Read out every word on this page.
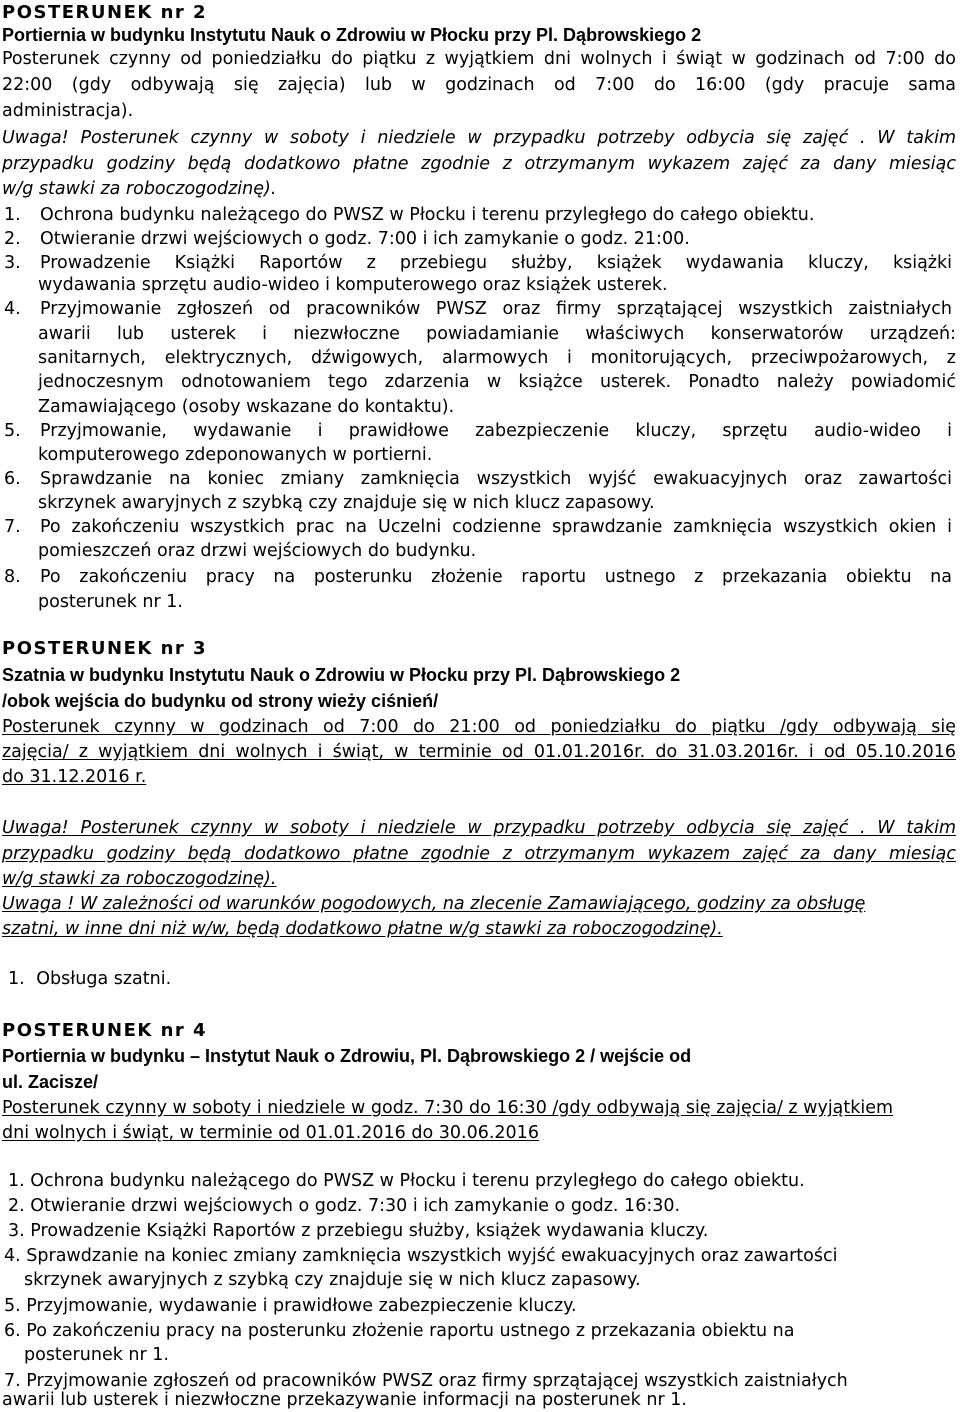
POSTERUNEK nr 2
Portiernia w budynku Instytutu Nauk o Zdrowiu w Płocku przy Pl. Dąbrowskiego 2
Posterunek czynny od poniedziałku do piątku z wyjątkiem dni wolnych i świąt w godzinach od 7:00 do
22:00 (gdy odbywają się zajęcia) lub w godzinach od 7:00 do 16:00 (gdy pracuje sama
administracja).
Uwaga! Posterunek czynny w soboty i niedziele w przypadku potrzeby odbycia się zajęć . W takim
przypadku godziny będą dodatkowo płatne zgodnie z otrzymanym wykazem zajęć za dany miesiąc
w/g stawki za roboczogodzinę).
1. Ochrona budynku należącego do PWSZ w Płocku i terenu przyległego do całego obiektu.
2. Otwieranie drzwi wejściowych o godz. 7:00 i ich zamykanie o godz. 21:00.
3. Prowadzenie Książki Raportów z przebiegu służby, książek wydawania kluczy, książki
wydawania sprzętu audio-wideo i komputerowego oraz książek usterek.
4. Przyjmowanie zgłoszeń od pracowników PWSZ oraz firmy sprzątającej wszystkich zaistniałych
awarii lub usterek i niezwłoczne powiadamianie właściwych konserwatorów urządzeń:
sanitarnych, elektrycznych, dźwigowych, alarmowych i monitorujących, przeciwpożarowych, z
jednoczesnym odnotowaniem tego zdarzenia w książce usterek. Ponadto należy powiadomić
Zamawiającego (osoby wskazane do kontaktu).
5. Przyjmowanie, wydawanie i prawidłowe zabezpieczenie kluczy, sprzętu audio-wideo i
komputerowego zdeponowanych w portierni.
6. Sprawdzanie na koniec zmiany zamknięcia wszystkich wyjść ewakuacyjnych oraz zawartości
skrzynek awaryjnych z szybką czy znajduje się w nich klucz zapasowy.
7. Po zakończeniu wszystkich prac na Uczelni codzienne sprawdzanie zamknięcia wszystkich okien i
pomieszczeń oraz drzwi wejściowych do budynku.
8. Po zakończeniu pracy na posterunku złożenie raportu ustnego z przekazania obiektu na
posterunek nr 1.
POSTERUNEK nr 3
Szatnia w budynku Instytutu Nauk o Zdrowiu w Płocku przy Pl. Dąbrowskiego 2
/obok wejścia do budynku od strony wieży ciśnień/
Posterunek czynny w godzinach od 7:00 do 21:00 od poniedziałku do piątku /gdy odbywają się
zajęcia/ z wyjątkiem dni wolnych i świąt, w terminie od 01.01.2016r. do 31.03.2016r. i od 05.10.2016
do 31.12.2016 r.
Uwaga! Posterunek czynny w soboty i niedziele w przypadku potrzeby odbycia się zajęć . W takim
przypadku godziny będą dodatkowo płatne zgodnie z otrzymanym wykazem zajęć za dany miesiąc
w/g stawki za roboczogodzinę).
Uwaga ! W zależności od warunków pogodowych, na zlecenie Zamawiającego, godziny za obsługę
szatni, w inne dni niż w/w, będą dodatkowo płatne w/g stawki za roboczogodzinę).
1. Obsługa szatni.
POSTERUNEK nr 4
Portiernia w budynku – Instytut Nauk o Zdrowiu, Pl. Dąbrowskiego 2 / wejście od
ul. Zacisze/
Posterunek czynny w soboty i niedziele w godz. 7:30 do 16:30 /gdy odbywają się zajęcia/ z wyjątkiem
dni wolnych i świąt, w terminie od 01.01.2016 do 30.06.2016
1. Ochrona budynku należącego do PWSZ w Płocku i terenu przyległego do całego obiektu.
2. Otwieranie drzwi wejściowych o godz. 7:30 i ich zamykanie o godz. 16:30.
3. Prowadzenie Książki Raportów z przebiegu służby, książek wydawania kluczy.
4. Sprawdzanie na koniec zmiany zamknięcia wszystkich wyjść ewakuacyjnych oraz zawartości
skrzynek awaryjnych z szybką czy znajduje się w nich klucz zapasowy.
5. Przyjmowanie, wydawanie i prawidłowe zabezpieczenie kluczy.
6. Po zakończeniu pracy na posterunku złożenie raportu ustnego z przekazania obiektu na
posterunek nr 1.
7. Przyjmowanie zgłoszeń od pracowników PWSZ oraz firmy sprzątającej wszystkich zaistniałych
awarii lub usterek i niezwłoczne przekazywanie informacji na posterunek nr 1.
